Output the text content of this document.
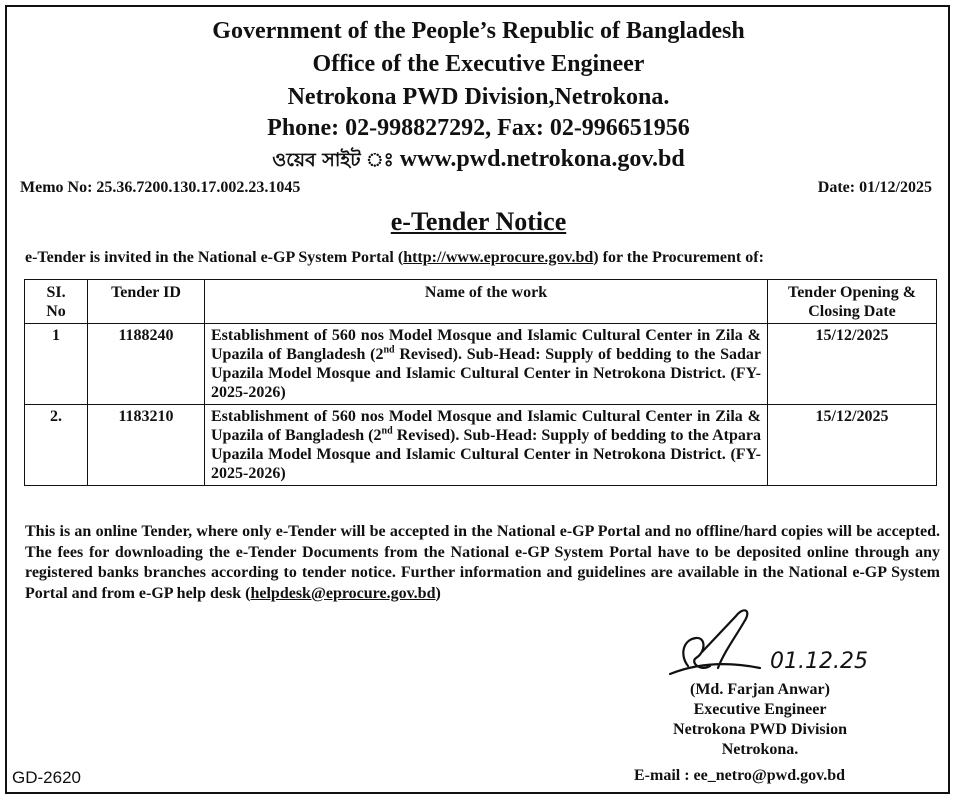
Government of the People’s Republic of Bangladesh
Office of the Executive Engineer
Netrokona PWD Division,Netrokona.
Phone: 02-998827292, Fax: 02-996651956
ওয়েব সাইট ঃ www.pwd.netrokona.gov.bd
Memo No: 25.36.7200.130.17.002.23.1045	Date: 01/12/2025
e-Tender Notice
e-Tender is invited in the National e-GP System Portal (http://www.eprocure.gov.bd) for the Procurement of:
SI. No	Tender ID	Name of the work	Tender Opening & Closing Date
1	1188240	Establishment of 560 nos Model Mosque and Islamic Cultural Center in Zila & Upazila of Bangladesh (2nd Revised). Sub-Head: Supply of bedding to the Sadar Upazila Model Mosque and Islamic Cultural Center in Netrokona District. (FY-2025-2026)	15/12/2025
2.	1183210	Establishment of 560 nos Model Mosque and Islamic Cultural Center in Zila & Upazila of Bangladesh (2nd Revised). Sub-Head: Supply of bedding to the Atpara Upazila Model Mosque and Islamic Cultural Center in Netrokona District. (FY-2025-2026)	15/12/2025
This is an online Tender, where only e-Tender will be accepted in the National e-GP Portal and no offline/hard copies will be accepted. The fees for downloading the e-Tender Documents from the National e-GP System Portal have to be deposited online through any registered banks branches according to tender notice. Further information and guidelines are available in the National e-GP System Portal and from e-GP help desk (helpdesk@eprocure.gov.bd)
01.12.25
(Md. Farjan Anwar)
Executive Engineer
Netrokona PWD Division
Netrokona.
E-mail : ee_netro@pwd.gov.bd
GD-2620
